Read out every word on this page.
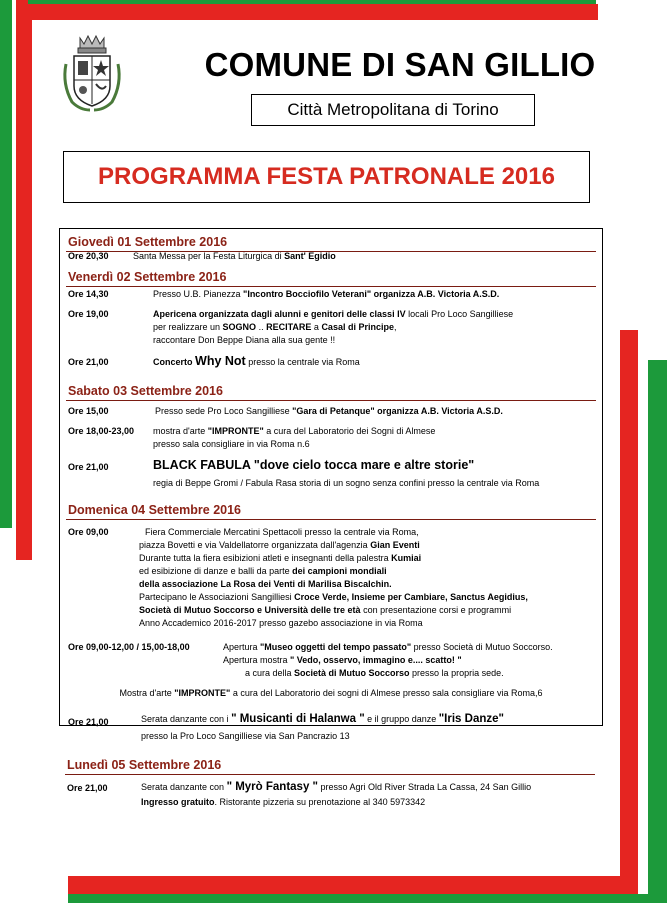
COMUNE DI SAN GILLIO
Città Metropolitana di Torino
PROGRAMMA FESTA PATRONALE 2016
Giovedì 01 Settembre 2016
Ore 20,30	Santa Messa per la Festa Liturgica di Sant' Egidio
Venerdì 02 Settembre 2016
Ore 14,30	Presso U.B. Pianezza "Incontro Bocciofilo Veterani" organizza A.B. Victoria A.S.D.
Ore 19,00	Apericena organizzata dagli alunni e genitori delle classi IV locali Pro Loco Sangilliese
per realizzare un SOGNO .. RECITARE a Casal di Principe,
raccontare Don Beppe Diana alla sua gente !!
Ore 21,00	Concerto Why Not presso la centrale via Roma
Sabato 03 Settembre 2016
Ore 15,00	Presso sede Pro Loco Sangilliese "Gara di Petanque" organizza A.B. Victoria A.S.D.
Ore 18,00-23,00 mostra d'arte "IMPRONTE" a cura del Laboratorio dei Sogni di Almese
presso sala consigliare in via Roma n.6
Ore 21,00	BLACK FABULA "dove cielo tocca mare e altre storie"
regia di Beppe Gromi / Fabula Rasa storia di un sogno senza confini presso la centrale via Roma
Domenica 04 Settembre 2016
Ore 09,00	Fiera Commerciale Mercatini Spettacoli presso la centrale via Roma,
piazza Bovetti e via Valdellatorre organizzata dall'agenzia Gian Eventi
Durante tutta la fiera esibizioni atleti e insegnanti della palestra Kumiai
ed esibizione di danze e balli da parte dei campioni mondiali
della associazione La Rosa dei Venti di Marilisa Biscalchin.
Partecipano le Associazioni Sangilliesi Croce Verde, Insieme per Cambiare, Sanctus Aegidius,
Società di Mutuo Soccorso e Università delle tre età con presentazione corsi e programmi
Anno Accademico 2016-2017 presso gazebo associazione in via Roma
Ore 09,00-12,00 / 15,00-18,00	Apertura "Museo oggetti del tempo passato" presso Società di Mutuo Soccorso.
Apertura mostra " Vedo, osservo, immagino e.... scatto! "
a cura della Società di Mutuo Soccorso presso la propria sede.
Mostra d'arte "IMPRONTE" a cura del Laboratorio dei sogni di Almese presso sala consigliare via Roma,6
Ore 21,00	Serata danzante con i " Musicanti di Halanwa " e il gruppo danze "Iris Danze"
presso la Pro Loco Sangilliese via San Pancrazio 13
Lunedì 05 Settembre 2016
Ore 21,00	Serata danzante con " Myrò Fantasy " presso Agri Old River Strada La Cassa, 24 San Gillio
Ingresso gratuito. Ristorante pizzeria su prenotazione al 340 5973342
